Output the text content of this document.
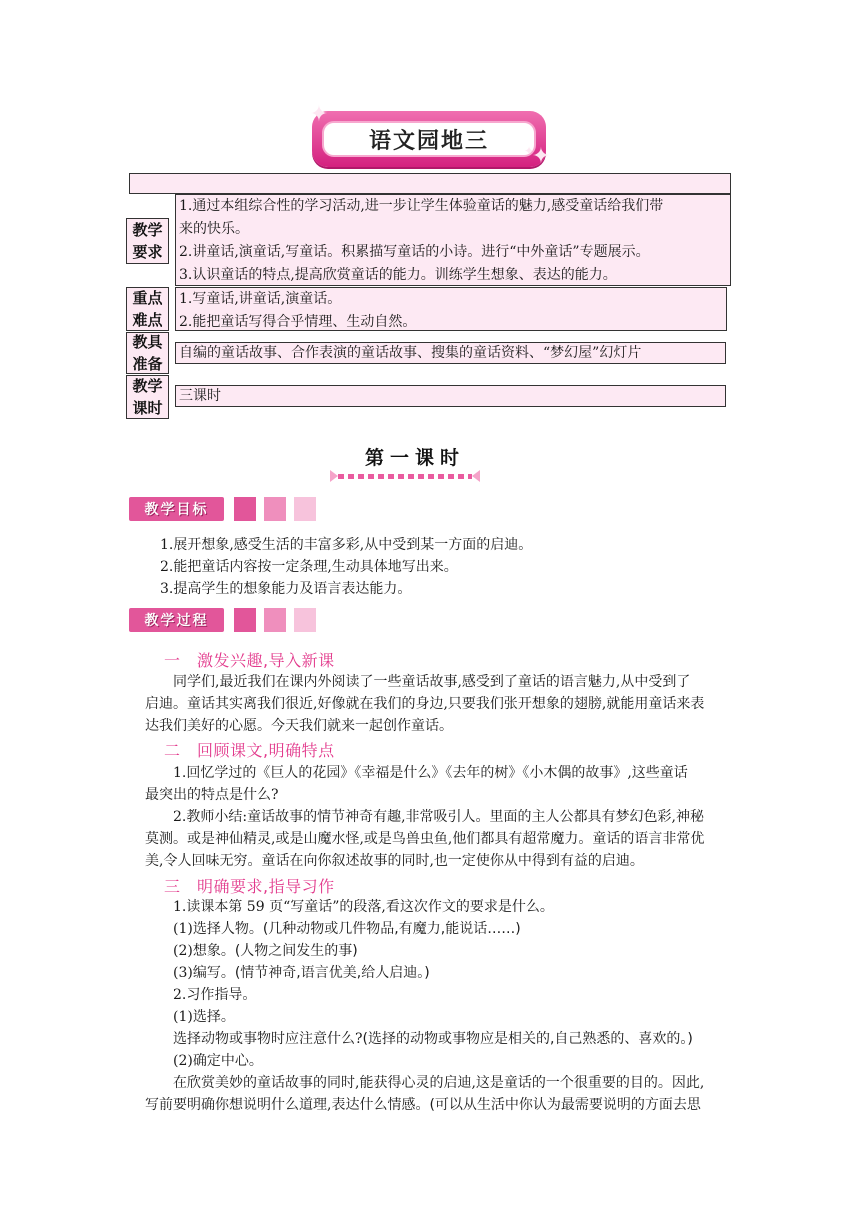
语文园地三
✦
✦
✦
教学
要求
1.通过本组综合性的学习活动,进一步让学生体验童话的魅力,感受童话给我们带
来的快乐。
2.讲童话,演童话,写童话。积累描写童话的小诗。进行“中外童话”专题展示。
3.认识童话的特点,提高欣赏童话的能力。训练学生想象、表达的能力。
重点
难点
1.写童话,讲童话,演童话。
2.能把童话写得合乎情理、生动自然。
教具
准备
自编的童话故事、合作表演的童话故事、搜集的童话资料、“梦幻屋”幻灯片
教学
课时
三课时
第一课时
教学目标
1.展开想象,感受生活的丰富多彩,从中受到某一方面的启迪。
2.能把童话内容按一定条理,生动具体地写出来。
3.提高学生的想象能力及语言表达能力。
教学过程
一　激发兴趣,导入新课
同学们,最近我们在课内外阅读了一些童话故事,感受到了童话的语言魅力,从中受到了
启迪。童话其实离我们很近,好像就在我们的身边,只要我们张开想象的翅膀,就能用童话来表
达我们美好的心愿。今天我们就来一起创作童话。
二　回顾课文,明确特点
1.回忆学过的《巨人的花园》《幸福是什么》《去年的树》《小木偶的故事》,这些童话
最突出的特点是什么?
2.教师小结:童话故事的情节神奇有趣,非常吸引人。里面的主人公都具有梦幻色彩,神秘
莫测。或是神仙精灵,或是山魔水怪,或是鸟兽虫鱼,他们都具有超常魔力。童话的语言非常优
美,令人回味无穷。童话在向你叙述故事的同时,也一定使你从中得到有益的启迪。
三　明确要求,指导习作
1.读课本第 59 页“写童话”的段落,看这次作文的要求是什么。
(1)选择人物。(几种动物或几件物品,有魔力,能说话……)
(2)想象。(人物之间发生的事)
(3)编写。(情节神奇,语言优美,给人启迪。)
2.习作指导。
(1)选择。
选择动物或事物时应注意什么?(选择的动物或事物应是相关的,自己熟悉的、喜欢的。)
(2)确定中心。
在欣赏美妙的童话故事的同时,能获得心灵的启迪,这是童话的一个很重要的目的。因此,
写前要明确你想说明什么道理,表达什么情感。(可以从生活中你认为最需要说明的方面去思
